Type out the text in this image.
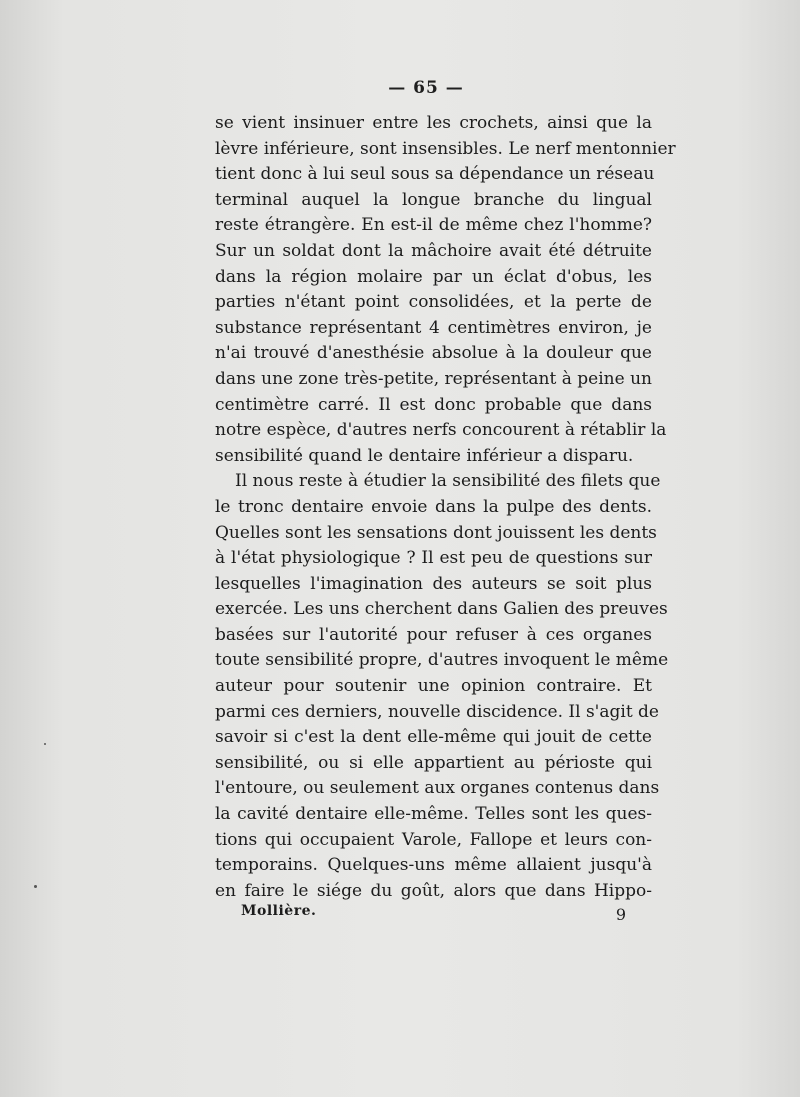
— 65 —
se vient insinuer entre les crochets, ainsi que la
lèvre inférieure, sont insensibles. Le nerf mentonnier
tient donc à lui seul sous sa dépendance un réseau
terminal auquel la longue branche du lingual
reste étrangère. En est-il de même chez l'homme?
Sur un soldat dont la mâchoire avait été détruite
dans la région molaire par un éclat d'obus, les
parties n'étant point consolidées, et la perte de
substance représentant 4 centimètres environ, je
n'ai trouvé d'anesthésie absolue à la douleur que
dans une zone très-petite, représentant à peine un
centimètre carré. Il est donc probable que dans
notre espèce, d'autres nerfs concourent à rétablir la
sensibilité quand le dentaire inférieur a disparu.
Il nous reste à étudier la sensibilité des filets que
le tronc dentaire envoie dans la pulpe des dents.
Quelles sont les sensations dont jouissent les dents
à l'état physiologique ? Il est peu de questions sur
lesquelles l'imagination des auteurs se soit plus
exercée. Les uns cherchent dans Galien des preuves
basées sur l'autorité pour refuser à ces organes
toute sensibilité propre, d'autres invoquent le même
auteur pour soutenir une opinion contraire. Et
parmi ces derniers, nouvelle discidence. Il s'agit de
savoir si c'est la dent elle-même qui jouit de cette
sensibilité, ou si elle appartient au périoste qui
l'entoure, ou seulement aux organes contenus dans
la cavité dentaire elle-même. Telles sont les ques-
tions qui occupaient Varole, Fallope et leurs con-
temporains. Quelques-uns même allaient jusqu'à
en faire le siége du goût, alors que dans Hippo-
Mollière.	9
